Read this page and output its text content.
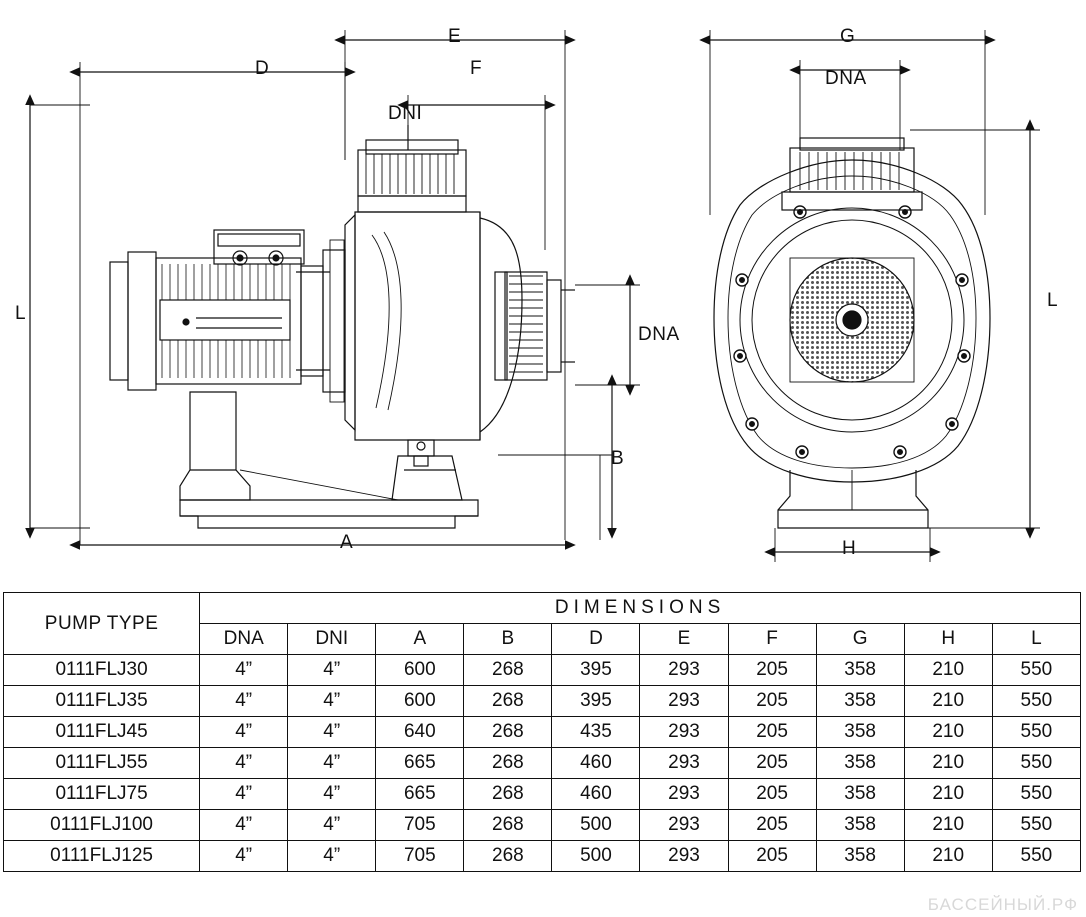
E
D	F
DNI
DNA
L
B
A
G
DNA
L
H
PUMP TYPE	DIMENSIONS									
	DNA	DNI	A	B	D	E	F	G	H	L
0111FLJ30	4”	4”	600	268	395	293	205	358	210	550
0111FLJ35	4”	4”	600	268	395	293	205	358	210	550
0111FLJ45	4”	4”	640	268	435	293	205	358	210	550
0111FLJ55	4”	4”	665	268	460	293	205	358	210	550
0111FLJ75	4”	4”	665	268	460	293	205	358	210	550
0111FLJ100	4”	4”	705	268	500	293	205	358	210	550
0111FLJ125	4”	4”	705	268	500	293	205	358	210	550
БАССЕЙНЫЙ.РФ
